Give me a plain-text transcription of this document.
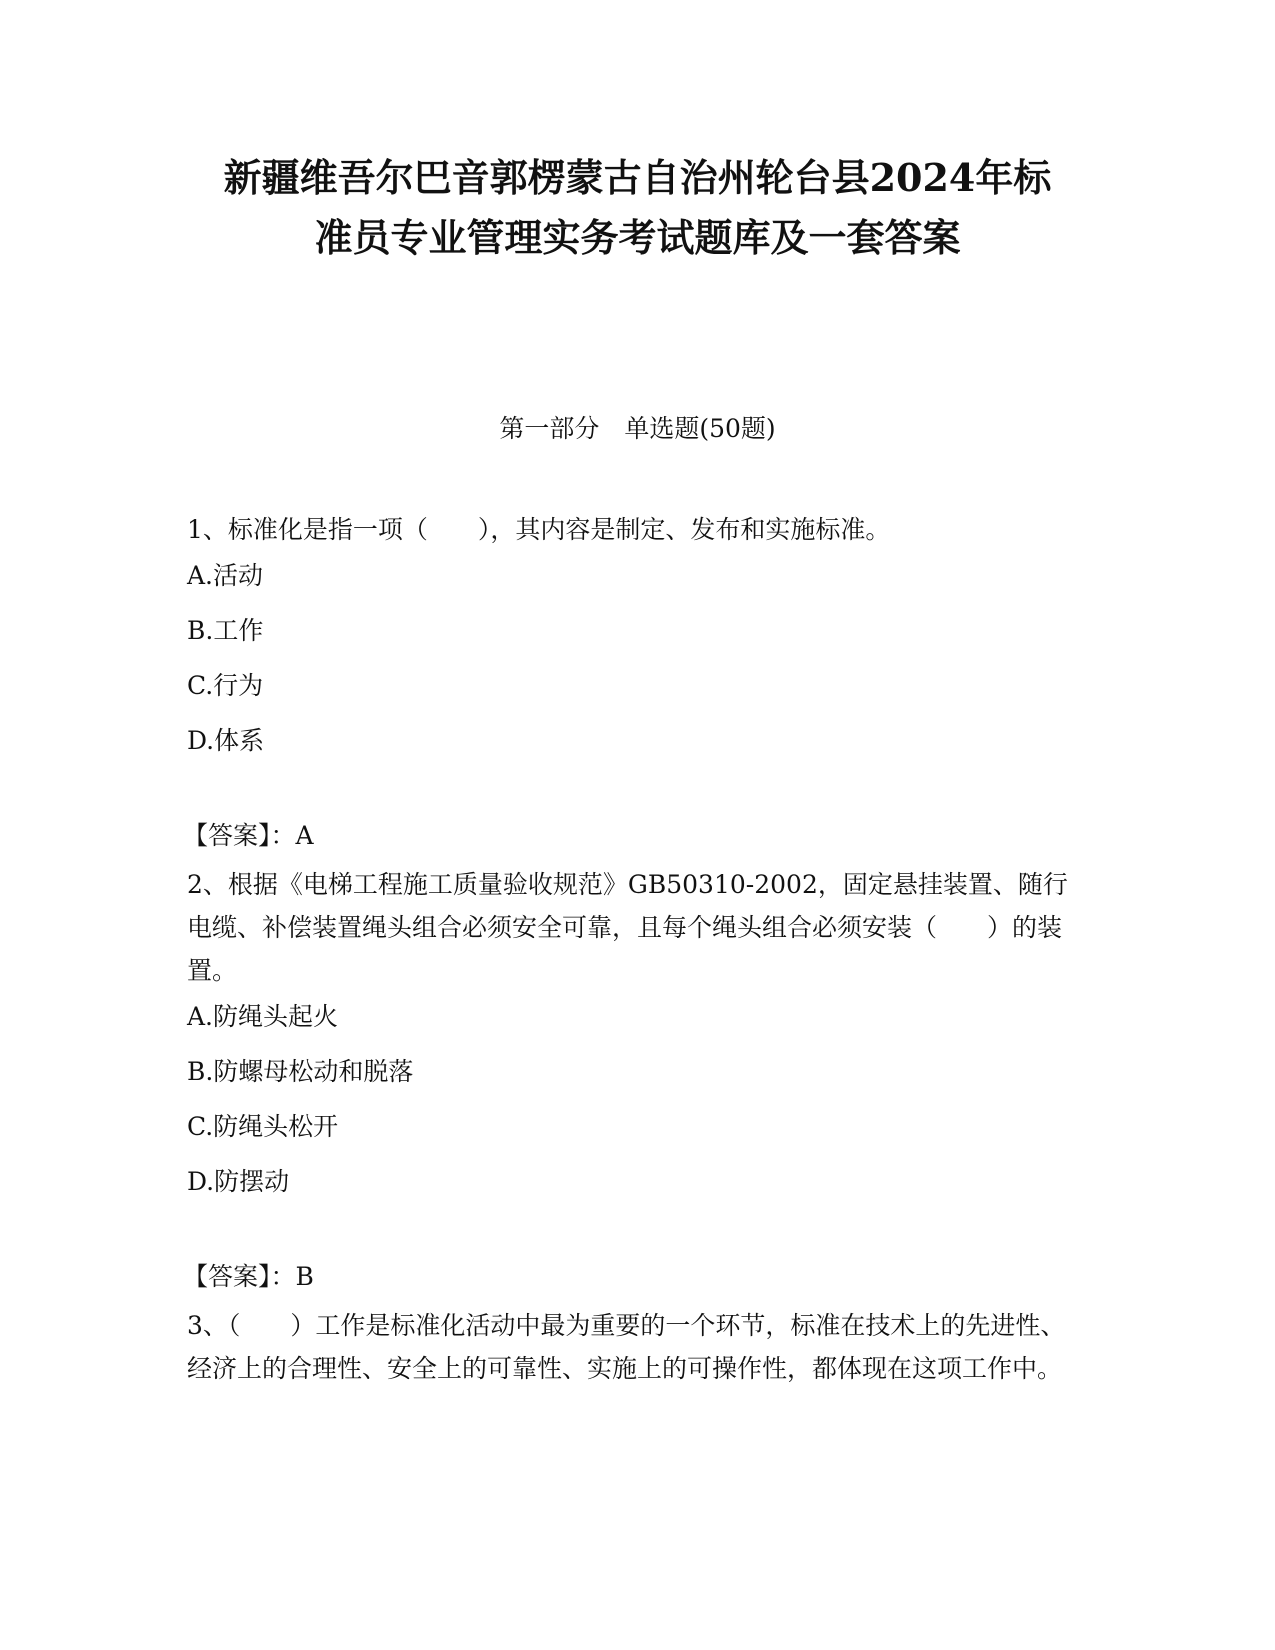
新疆维吾尔巴音郭楞蒙古自治州轮台县2024年标
准员专业管理实务考试题库及一套答案
第一部分　单选题(50题)

1、标准化是指一项（　　），其内容是制定、发布和实施标准。

A.活动
B.工作
C.行为
D.体系
【答案】：A

2、根据《电梯工程施工质量验收规范》GB50310-2002，固定悬挂装置、随行电缆、补偿装置绳头组合必须安全可靠，且每个绳头组合必须安装（　　）的装置。

A.防绳头起火
B.防螺母松动和脱落
C.防绳头松开
D.防摆动
【答案】：B

3、（　　）工作是标准化活动中最为重要的一个环节，标准在技术上的先进性、经济上的合理性、安全上的可靠性、实施上的可操作性，都体现在这项工作中。
